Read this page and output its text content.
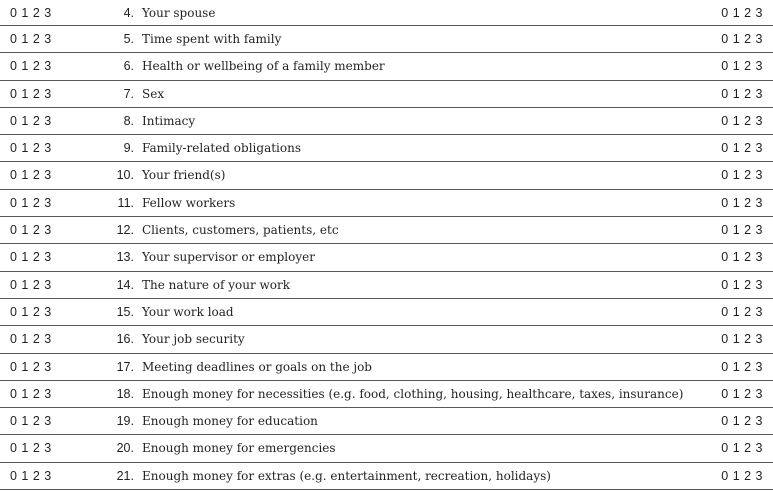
0 1 2 3	4. Your spouse	0 1 2 3
0 1 2 3	5. Time spent with family	0 1 2 3
0 1 2 3	6. Health or wellbeing of a family member	0 1 2 3
0 1 2 3	7. Sex	0 1 2 3
0 1 2 3	8. Intimacy	0 1 2 3
0 1 2 3	9. Family-related obligations	0 1 2 3
0 1 2 3	10. Your friend(s)	0 1 2 3
0 1 2 3	11. Fellow workers	0 1 2 3
0 1 2 3	12. Clients, customers, patients, etc	0 1 2 3
0 1 2 3	13. Your supervisor or employer	0 1 2 3
0 1 2 3	14. The nature of your work	0 1 2 3
0 1 2 3	15. Your work load	0 1 2 3
0 1 2 3	16. Your job security	0 1 2 3
0 1 2 3	17. Meeting deadlines or goals on the job	0 1 2 3
0 1 2 3	18. Enough money for necessities (e.g. food, clothing, housing, healthcare, taxes, insurance)	0 1 2 3
0 1 2 3	19. Enough money for education	0 1 2 3
0 1 2 3	20. Enough money for emergencies	0 1 2 3
0 1 2 3	21. Enough money for extras (e.g. entertainment, recreation, holidays)	0 1 2 3
